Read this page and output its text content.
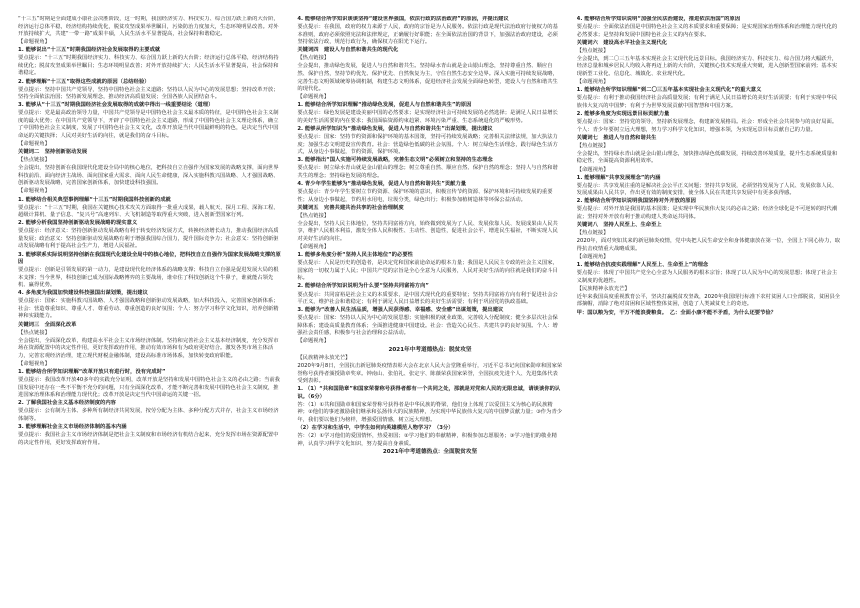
“十三五”时期是全面建成小康社会决胜阶段，这一时期，我国经济实力、科技实力、综合国力跃上新的大台阶，经济运行总体平稳，经济结构持续优化，脱贫攻坚成果举世瞩目，污染防治力度加大，生态环境明显改善。对外开放持续扩大，共建“一带一路”成果丰硕，人民生活水平显著提高，社会保持和谐稳定。

【命题视角】

1. 能够说出“十三五”时期我国经济社会发展取得的主要成就

要点提示：“十三五”时期我国经济实力、科技实力、综合国力跃上新的大台阶；经济运行总体平稳，经济结构持续优化；脱贫攻坚成果举世瞩目；生态环境明显改善；对外开放持续扩大；人民生活水平显著提高，社会保持和谐稳定。

2. 能够理解“十三五”取得这些成就的原因（总结经验）

要点提示：坚持中国共产党领导，坚持中国特色社会主义道路；坚持以人民为中心的发展思想；坚持改革开放；坚持全面依法治国；坚持新发展理念，推动经济高质量发展；全国各族人民团结奋斗。

3. 能够从“十三五”时期我国经济社会发展取得的成就中得出一线重要结论（道理）

要点提示：党是最高政治领导力量，中国共产党领导是中国特色社会主义最本质的特征，是中国特色社会主义制度的最大优势；在中国共产党领导下，开辟了中国特色社会主义道路，形成了中国特色社会主义理论体系，确立了中国特色社会主义制度，发展了中国特色社会主义文化，改革开放是当代中国最鲜明的特色，是决定当代中国命运的关键抉择；人民对美好生活的向往，就是我们的奋斗目标。

【命题视角】

关键词二　坚持创新驱动发展

【热点链接】

全会提出，坚持创新在我国现代化建设全局中的核心地位，把科技自立自强作为国家发展的战略支撑，面向世界科技前沿、面向经济主战场、面向国家重大需求、面向人民生命健康，深入实施科教兴国战略、人才强国战略、创新驱动发展战略，完善国家创新体系，加快建设科技强国。

【命题视角】

1. 能够结合相关典型事例理解“十三五”时期我国科技创新的成就

要点提示：“十三五”时期，我国在关键核心技术攻关方面取得一批重大成果，载人航天、探月工程、深海工程、超级计算机、量子信息、“复兴号”高速列车、大飞机制造等取得重大突破，进入创新型国家行列。

2. 能够分析我国坚持创新驱动发展战略的现实意义

要点提示：经济意义：坚持创新驱动发展战略有利于转变经济发展方式，转换经济增长动力，推动我国经济高质量发展；政治意义：坚持创新驱动发展战略有利于增强我国综合国力，提升国际竞争力；社会意义：坚持创新驱动发展战略有利于提高社会生产力，增进人民福祉。

3. 能够联系实际说明坚持创新在我国现代化建设全局中的核心地位，把科技自立自强作为国家发展战略支撑的原因

要点提示：创新是引领发展的第一动力，是建设现代化经济体系的战略支撑；科技自立自强是促进发展大局的根本支撑；当今世界，科技创新已成为国际战略博弈的主要战场，谁牵住了科技创新这个牛鼻子，谁就能占领先机、赢得优势。

4. 多角度为我国加快建设科技强国出谋划策，提出建议

要点提示：国家：实施科教兴国战略、人才强国战略和创新驱动发展战略，加大科技投入，完善国家创新体系；社会：营造尊重知识、尊重人才、尊重劳动、尊重创造的良好氛围；个人：努力学习科学文化知识，培养创新精神和实践能力。

关键词三　全面深化改革

【热点链接】

全会提出，全面深化改革，构建高水平社会主义市场经济体制。坚持和完善社会主义基本经济制度，充分发挥市场在资源配置中的决定性作用，更好发挥政府作用，推动有效市场和有为政府更好结合。激发各类市场主体活力，完善宏观经济治理，建立现代财税金融体制，建设高标准市场体系，加快转变政府职能。

【命题视角】

1. 能够结合所学知识理解“改革开放只有进行时，没有完成时”

要点提示：我国改革开放40多年的实践充分证明，改革开放是坚持和发展中国特色社会主义的必由之路；当前我国发展中还存在一些不平衡不充分的问题，只有全面深化改革，才能不断完善和发展中国特色社会主义制度，推进国家治理体系和治理能力现代化；改革开放是决定当代中国命运的关键一招。

2. 了解我国社会主义基本经济制度的内容

要点提示：公有制为主体、多种所有制经济共同发展，按劳分配为主体、多种分配方式并存，社会主义市场经济体制等。

3. 能够理解社会主义市场经济体制的基本内涵

要点提示：我国社会主义市场经济体制是把社会主义制度和市场经济有机结合起来，充分发挥市场在资源配置中的决定性作用，更好发挥政府作用。

4. 能够结合所学知识谈谈坚持“建设世界强国，依法行政的法治政府”的原因，并提出建议

要点提示：在我国，政府的权力来源于人民，政府的宗旨是为人民服务。依法行政是现代法治政府行使权力的基本准则，政府必须依照宪法和法律规定，正确履行好职能；在全面依法治国的背景下，加强法治政府建设，必须坚持依法行政，规范行政行为，确保权力在阳光下运行。

关键词四　建设人与自然和谐共生的现代化

【热点链接】

全会提出，推动绿色发展，促进人与自然和谐共生。坚持绿水青山就是金山银山理念，坚持尊重自然、顺应自然、保护自然，坚持节约优先、保护优先、自然恢复为主，守住自然生态安全边界。深入实施可持续发展战略，完善生态文明领域统筹协调机制，构建生态文明体系，促进经济社会发展全面绿色转型，建设人与自然和谐共生的现代化。

【命题视角】

1. 能够结合所学知识理解“推动绿色发展，促进人与自然和谐共生”的原因

要点提示：绿色发展是建设美丽中国的必然要求；是实现经济社会可持续发展的必然选择；是满足人民日益增长的美好生活需要的内在要求；我国面临资源约束趋紧、环境污染严重、生态系统退化的严峻形势。

2. 能够从所学知识为“推动绿色发展，促进人与自然和谐共生”出谋划策，提出建议

要点提示：国家：坚持节约资源和保护环境的基本国策，坚持可持续发展战略；完善相关法律法规，加大执法力度；加强生态文明建设宣传教育。社会：营造绿色低碳的社会氛围。个人：树立绿色生活理念，践行绿色生活方式，从身边小事做起，节约资源，保护环境。

3. 能够指出“国人实施可持续发展战略，完善生态文明”必须树立和坚持的生态理念

要点提示：树立绿水青山就是金山银山的理念；树立尊重自然、顺应自然、保护自然的理念；坚持人与自然和谐共生的理念；坚持绿色发展的理念。

4. 青少年学生能够为“推动绿色发展，促进人与自然和谐共生”贡献力量

要点提示：青少年学生要树立节约资源、保护环境的意识，积极宣传节约资源、保护环境和可持续发展的重要性；从身边小事做起，节约用水用电，垃圾分类，绿色出行；积极参加植树造林等环保公益活动。

关键词五　完善共建共治共享的社会治理制度

【热点链接】

全会提出，坚持人民主体地位，坚持共同富裕方向，始终做到发展为了人民、发展依靠人民、发展成果由人民共享，维护人民根本利益，激发全体人民积极性、主动性、创造性，促进社会公平，增进民生福祉，不断实现人民对美好生活的向往。

【命题视角】

1. 能够多角度分析“坚持人民主体地位”的必要性

要点提示：人民是历史的创造者，是决定党和国家前途命运的根本力量；我国是人民民主专政的社会主义国家，国家的一切权力属于人民；中国共产党的宗旨是全心全意为人民服务，人民对美好生活的向往就是我们的奋斗目标。

2. 能够结合所学知识说明为什么要“坚持共同富裕方向”

要点提示：共同富裕是社会主义的本质要求，是中国式现代化的重要特征；坚持共同富裕方向有利于促进社会公平正义，维护社会和谐稳定；有利于满足人民日益增长的美好生活需要；有利于巩固党的执政基础。

3. 能够为“改善人民生活品质，增强人民获得感、幸福感、安全感”出谋划策，提出建议

要点提示：国家：坚持以人民为中心的发展思想；实施积极的就业政策，完善收入分配制度；健全多层次社会保障体系；建设高质量教育体系；全面推进健康中国建设。社会：营造关心民生、共建共享的良好氛围。个人：增强社会责任感，积极参与社会治理和公益活动。

【命题视角】

2021年中考道德热点：脱贫攻坚

【民族精神永放光芒】

2020年9月8日，全国抗击新冠肺炎疫情表彰大会在北京人民大会堂隆重举行，习近平总书记向国家勋章和国家荣誉称号获得者颁授勋章奖章。钟南山、张伯礼、张定宇、陈薇荣获国家荣誉，全国抗疫先进个人、先进集体代表受到表彰。

1. （1）“共和国勋章”和国家荣誉称号获得者都有一个共同之处，那就是对党和人民的无限忠诚，请谈谈你的认识。（6分）

答：（1）①共和国勋章和国家荣誉称号获得者是中华民族的脊梁，他们身上体现了以爱国主义为核心的民族精神；②他们的事迹激励我们继承和弘扬伟大的民族精神，为实现中华民族伟大复兴的中国梦贡献力量；③作为青少年，我们要以他们为榜样，增强爱国情感，树立远大理想。

（2）在学习和生活中，中学生如何向英雄模范人物学习？（3分）

答：（2）①学习他们的爱国情怀，热爱祖国；②学习他们的奉献精神，积极参加志愿服务；③学习他们的敬业精神，认真学习科学文化知识，努力提高自身素质。

2021年中考道德热点：全面脱贫攻坚

4. 能够结合所学知识说明“加强全民法治建设，推进依法治国”的原因

要点提示：全面依法治国是中国特色社会主义的本质要求和重要保障；是实现国家治理体系和治理能力现代化的必然要求；是坚持和发展中国特色社会主义的内在要求。

关键词六　建设高水平社会主义现代化

【热点链接】

全会提出，到二〇三五年基本实现社会主义现代化远景目标。我国经济实力、科技实力、综合国力将大幅跃升，经济总量和城乡居民人均收入将再迈上新的大台阶，关键核心技术实现重大突破，进入创新型国家前列；基本实现新型工业化、信息化、城镇化、农业现代化。

【命题视角】

1. 能够结合所学知识理解“到二〇三五年基本实现社会主义现代化”的重大意义

要点提示：有利于推动我国经济社会高质量发展；有利于满足人民日益增长的美好生活需要；有利于实现中华民族伟大复兴的中国梦；有利于为世界发展贡献中国智慧和中国方案。

2. 能够多角度为实现远景目标贡献力量

要点提示：国家：坚持党的领导，坚持新发展理念，构建新发展格局。社会：形成全社会共同参与的良好局面。个人：青少年要树立远大理想，努力学习科学文化知识，增强本领，为实现远景目标贡献自己的力量。

关键词七　推进人与自然和谐共生

【热点链接】

全会提出，坚持绿水青山就是金山银山理念，加快推动绿色低碳发展，持续改善环境质量，提升生态系统质量和稳定性，全面提高资源利用效率。

【命题视角】

1. 能够理解“共享发展理念”的内涵

要点提示：共享发展注重的是解决社会公平正义问题；坚持共享发展，必须坚持发展为了人民、发展依靠人民、发展成果由人民共享，作出更有效的制度安排，使全体人民在共建共享发展中有更多获得感。

2. 能够结合所学知识说明我国坚持对外开放的原因

要点提示：对外开放是我国的基本国策；是实现中华民族伟大复兴的必由之路；经济全球化是不可逆转的时代潮流；坚持对外开放有利于推动构建人类命运共同体。

关键词八　坚持人民至上、生命至上

【热点链接】

2020年，面对突如其来的新冠肺炎疫情，党中央把人民生命安全和身体健康放在第一位，全国上下同心协力，取得抗击疫情重大战略成果。

【命题视角】

1. 能够结合抗疫实践理解“人民至上、生命至上”的理念

要点提示：体现了中国共产党全心全意为人民服务的根本宗旨；体现了以人民为中心的发展思想；体现了社会主义制度的优越性。

【民族精神永放光芒】

近年来我国高度重视教育公平，坚决打赢脱贫攻坚战，2020年我国现行标准下农村贫困人口全部脱贫，贫困县全部摘帽，消除了绝对贫困和区域性整体贫困，创造了人类减贫史上的奇迹。

甲：国以粮为安，干万不能浪费粮食。　乙：全面小康不能不矛盾，为什么还要节俭？
